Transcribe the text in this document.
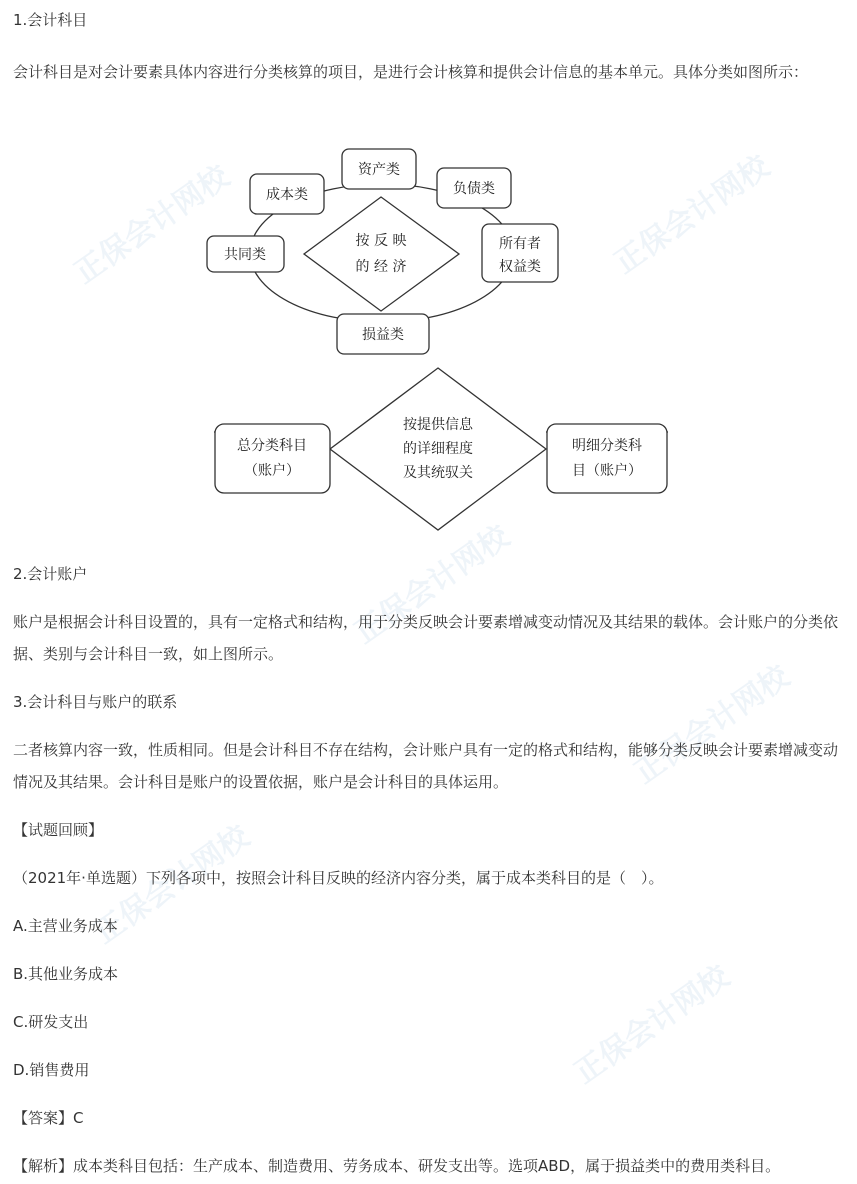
正保会计网校	正保会计网校
正保会计网校
正保会计网校
正保会计网校
正保会计网校

1.会计科目

会计科目是对会计要素具体内容进行分类核算的项目，是进行会计核算和提供会计信息的基本单元。具体分类如图所示：

按 反 映
的 经 济
资产类
成本类	负债类
共同类
所有者
权益类
损益类
按提供信息
的详细程度
及其统驭关
总分类科目
（账户）
明细分类科
目（账户）

2.会计账户

账户是根据会计科目设置的，具有一定格式和结构，用于分类反映会计要素增减变动情况及其结果的载体。会计账户的分类依据、类别与会计科目一致，如上图所示。

3.会计科目与账户的联系

二者核算内容一致，性质相同。但是会计科目不存在结构，会计账户具有一定的格式和结构，能够分类反映会计要素增减变动情况及其结果。会计科目是账户的设置依据，账户是会计科目的具体运用。

【试题回顾】

（2021年·单选题）下列各项中，按照会计科目反映的经济内容分类，属于成本类科目的是（　）。

A.主营业务成本

B.其他业务成本

C.研发支出

D.销售费用

【答案】C

【解析】成本类科目包括：生产成本、制造费用、劳务成本、研发支出等。选项ABD，属于损益类中的费用类科目。
